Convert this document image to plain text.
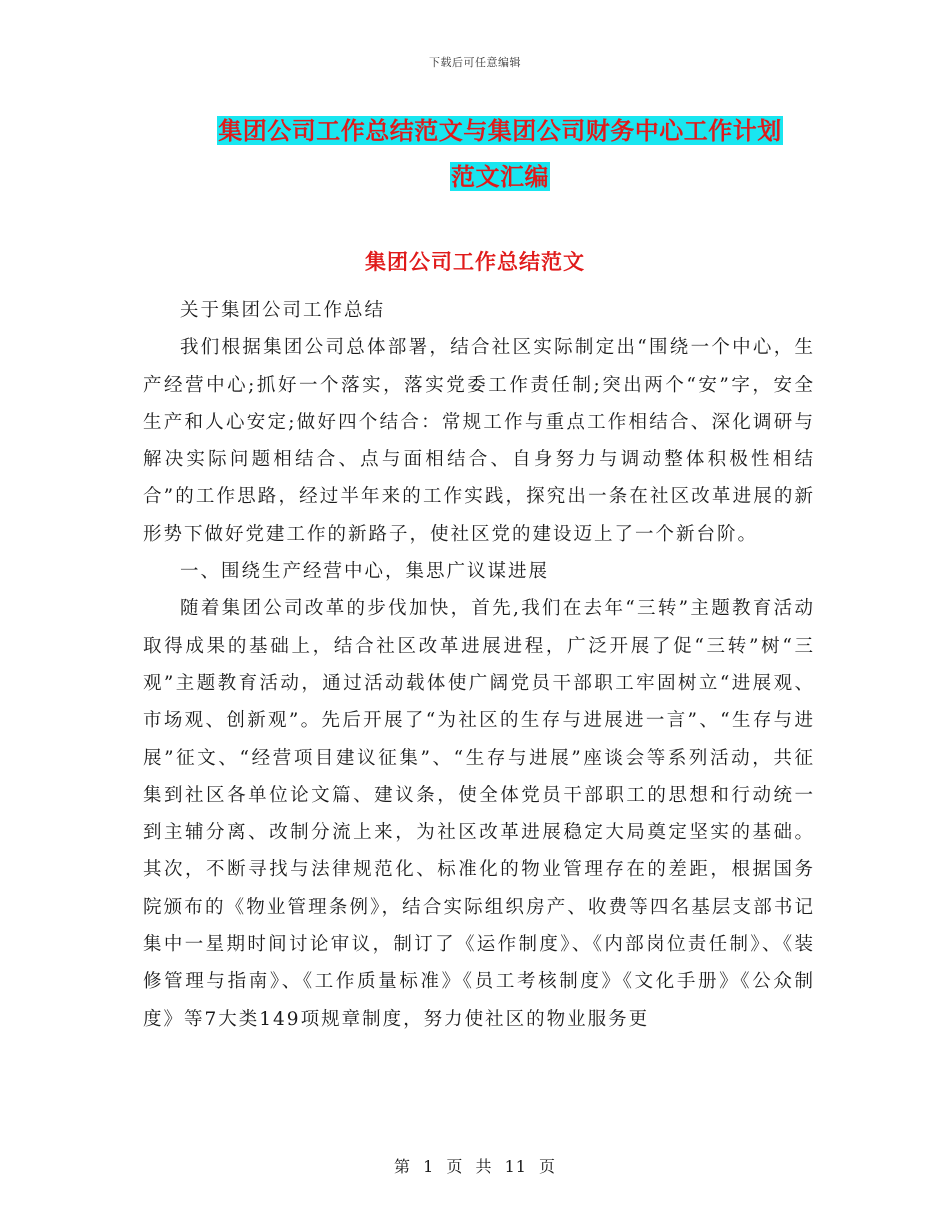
下载后可任意编辑
集团公司工作总结范文与集团公司财务中心工作计划
范文汇编
集团公司工作总结范文

关于集团公司工作总结

我们根据集团公司总体部署，结合社区实际制定出“围绕一个中心，生产经营中心;抓好一个落实，落实党委工作责任制;突出两个“安”字，安全生产和人心安定;做好四个结合：常规工作与重点工作相结合、深化调研与解决实际问题相结合、点与面相结合、自身努力与调动整体积极性相结合”的工作思路，经过半年来的工作实践，探究出一条在社区改革进展的新形势下做好党建工作的新路子，使社区党的建设迈上了一个新台阶。

一、围绕生产经营中心，集思广议谋进展

随着集团公司改革的步伐加快，首先,我们在去年“三转”主题教育活动取得成果的基础上，结合社区改革进展进程，广泛开展了促“三转”树“三观”主题教育活动，通过活动载体使广阔党员干部职工牢固树立“进展观、市场观、创新观”。先后开展了“为社区的生存与进展进一言”、“生存与进展”征文、“经营项目建议征集”、“生存与进展”座谈会等系列活动，共征集到社区各单位论文篇、建议条，使全体党员干部职工的思想和行动统一到主辅分离、改制分流上来，为社区改革进展稳定大局奠定坚实的基础。其次，不断寻找与法律规范化、标准化的物业管理存在的差距，根据国务院颁布的《物业管理条例》，结合实际组织房产、收费等四名基层支部书记集中一星期时间讨论审议，制订了《运作制度》、《内部岗位责任制》、《装修管理与指南》、《工作质量标准》《员工考核制度》《文化手册》《公众制度》等7大类149项规章制度，努力使社区的物业服务更

第 1 页 共 11 页
